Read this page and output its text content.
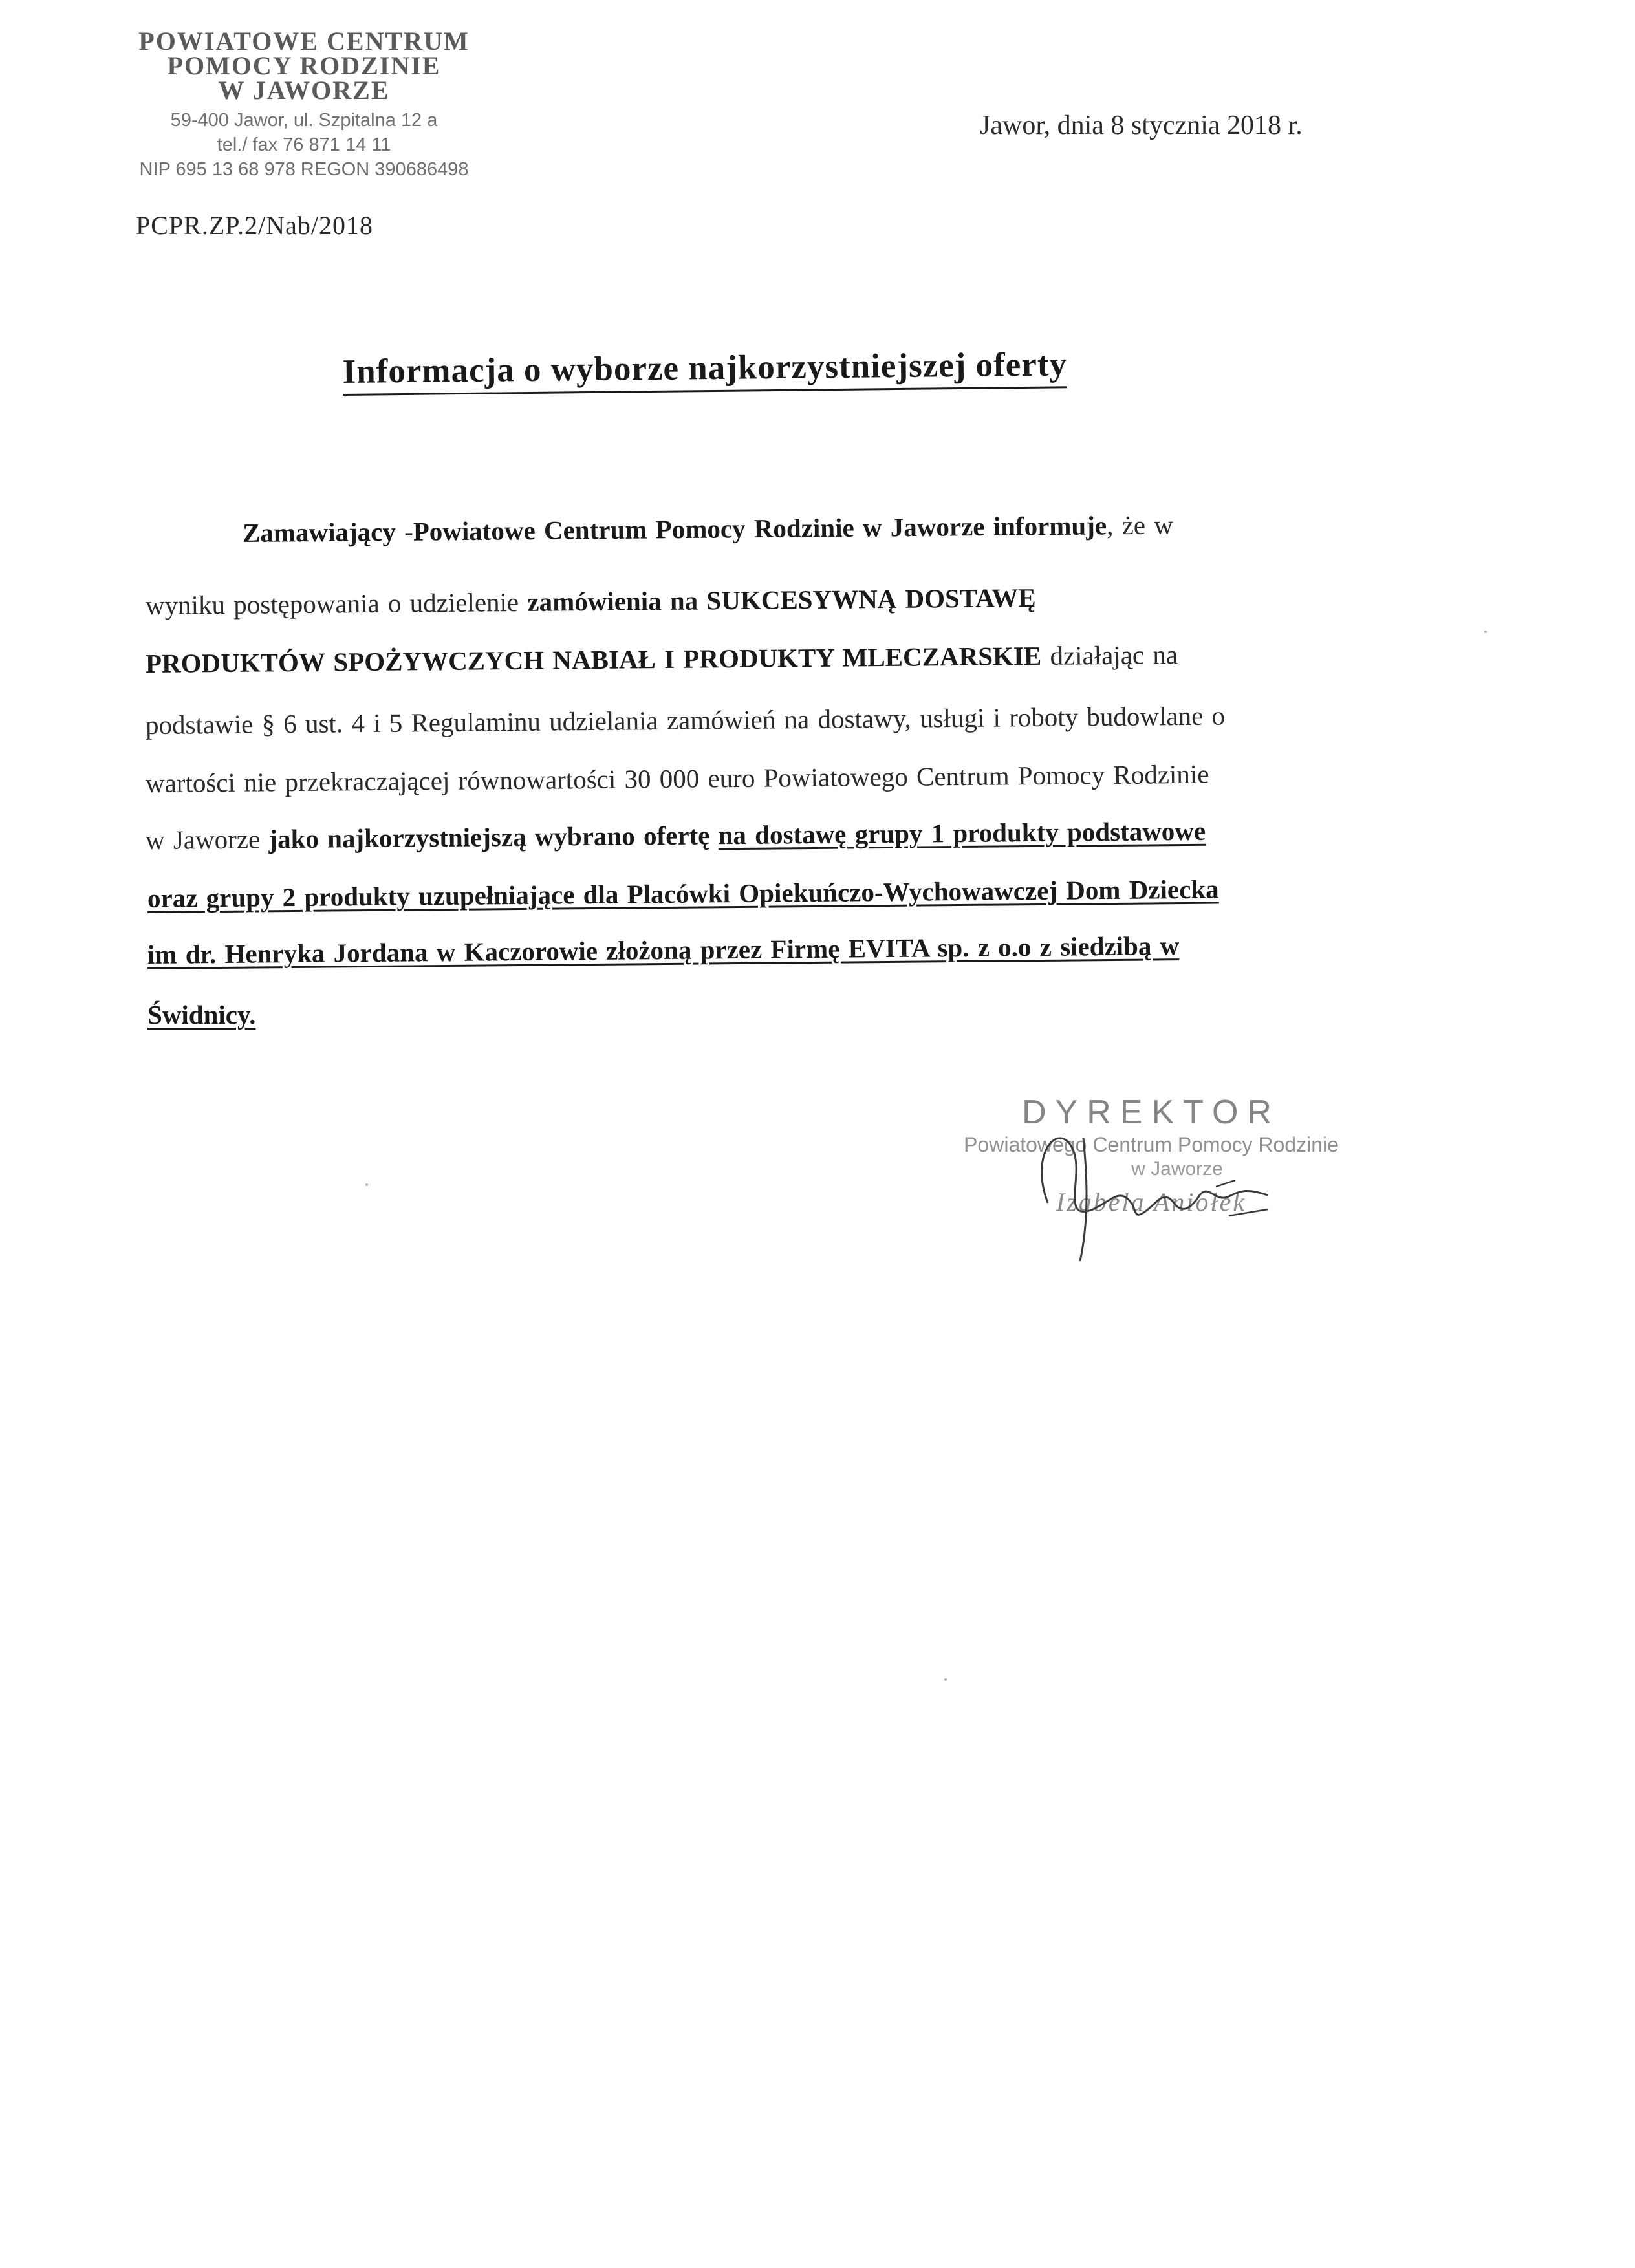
POWIATOWE CENTRUM
POMOCY RODZINIE
W JAWORZE
59-400 Jawor, ul. Szpitalna 12 a
tel./ fax 76 871 14 11
NIP 695 13 68 978 REGON 390686498
Jawor, dnia 8 stycznia 2018 r.
PCPR.ZP.2/Nab/2018
Informacja o wyborze najkorzystniejszej oferty
Zamawiający -Powiatowe Centrum Pomocy Rodzinie w Jaworze informuje, że w
wyniku postępowania o udzielenie zamówienia na SUKCESYWNĄ DOSTAWĘ
PRODUKTÓW SPOŻYWCZYCH NABIAŁ I PRODUKTY MLECZARSKIE działając na
podstawie § 6 ust. 4 i 5 Regulaminu udzielania zamówień na dostawy, usługi i roboty budowlane o
wartości nie przekraczającej równowartości 30 000 euro Powiatowego Centrum Pomocy Rodzinie
w Jaworze jako najkorzystniejszą wybrano ofertę na dostawę grupy 1 produkty podstawowe
oraz grupy 2 produkty uzupełniające dla Placówki Opiekuńczo-Wychowawczej Dom Dziecka
im dr. Henryka Jordana w Kaczorowie złożoną przez Firmę EVITA sp. z o.o z siedzibą w
Świdnicy.
DYREKTOR
Powiatowego Centrum Pomocy Rodzinie
w Jaworze
Izabela Aniołek
